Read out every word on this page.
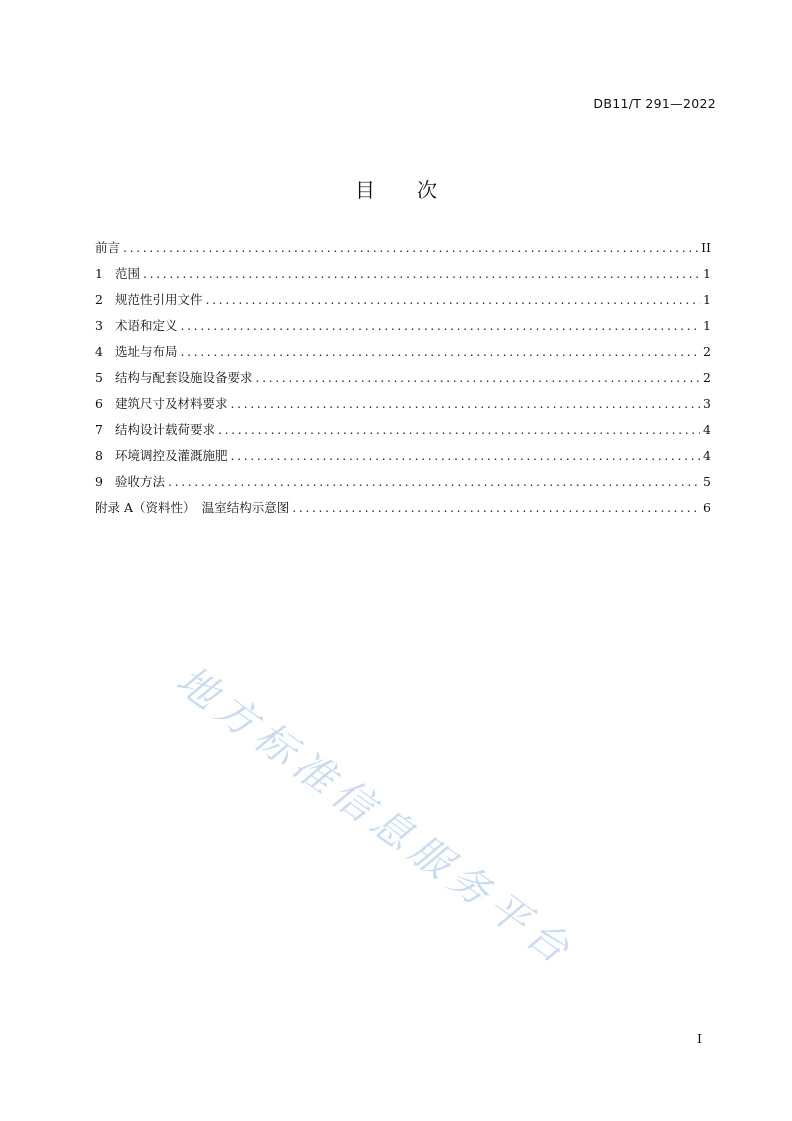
DB11/T 291—2022
目 次
前言 .....	II
1 范围 .....	1
2 规范性引用文件 .....	1
3 术语和定义 .....	1
4 选址与布局 .....	2
5 结构与配套设施设备要求 .....	2
6 建筑尺寸及材料要求 .....	3
7 结构设计载荷要求 .....	4
8 环境调控及灌溉施肥 .....	4
9 验收方法 .....	5
附录 A（资料性）　温室结构示意图 .....	6
地方标准信息服务平台
I
